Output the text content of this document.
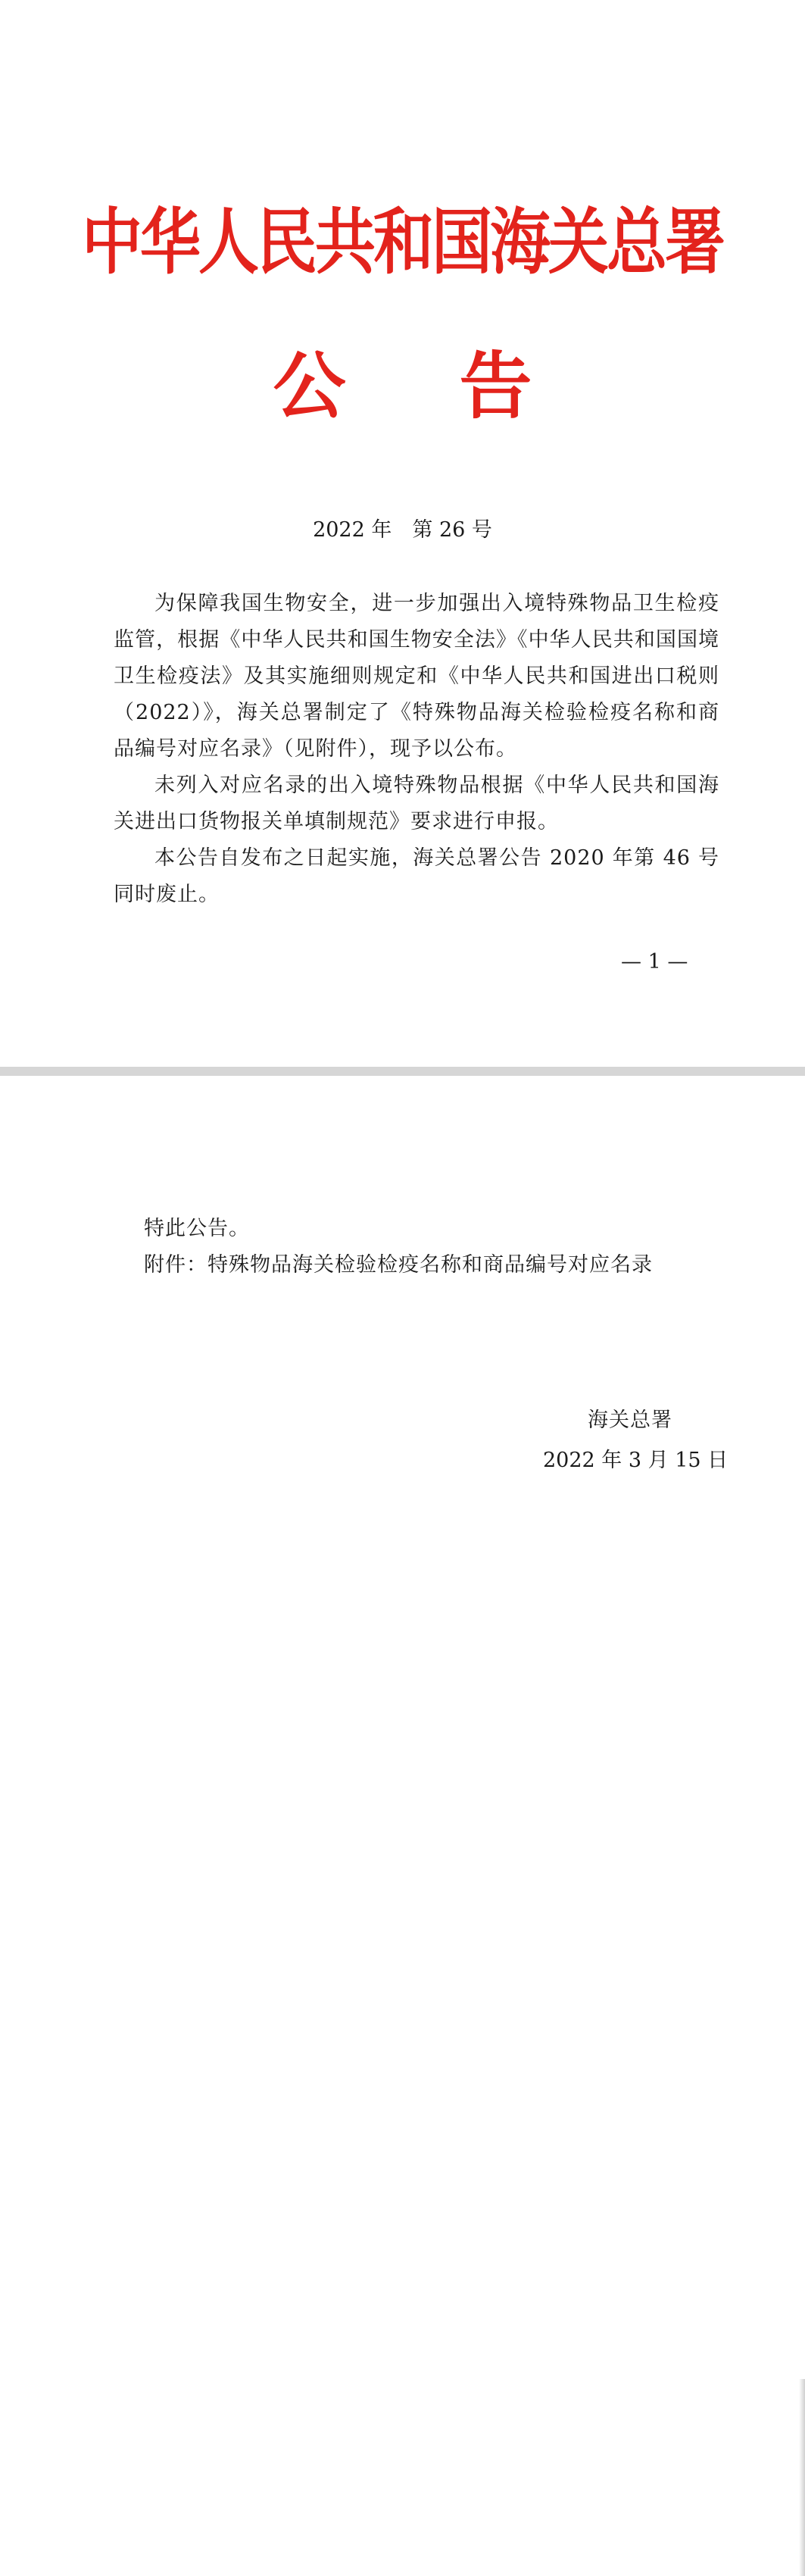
中华人民共和国海关总署
公告
2022 年　第 26 号

为保障我国生物安全，进一步加强出入境特殊物品卫生检疫监管，根据《中华人民共和国生物安全法》《中华人民共和国国境卫生检疫法》及其实施细则规定和《中华人民共和国进出口税则（2022）》，海关总署制定了《特殊物品海关检验检疫名称和商品编号对应名录》（见附件），现予以公布。

未列入对应名录的出入境特殊物品根据《中华人民共和国海关进出口货物报关单填制规范》要求进行申报。

本公告自发布之日起实施，海关总署公告 2020 年第 46 号同时废止。

— 1 —
特此公告。
附件：特殊物品海关检验检疫名称和商品编号对应名录
海关总署
2022 年 3 月 15 日
